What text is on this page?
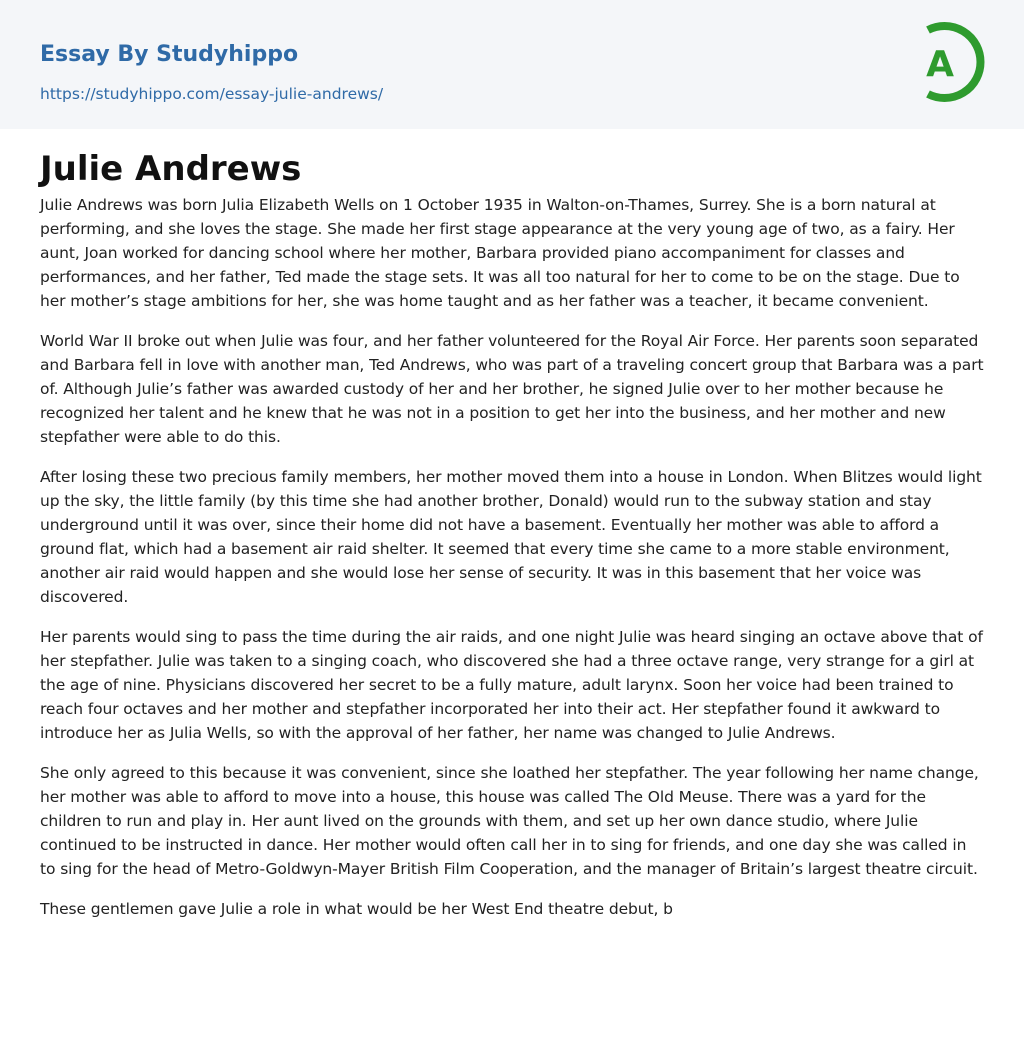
Essay By Studyhippo
https://studyhippo.com/essay-julie-andrews/
A
Julie Andrews

Julie Andrews was born Julia Elizabeth Wells on 1 October 1935 in Walton-on-Thames, Surrey. She is a born natural at performing, and she loves the stage. She made her first stage appearance at the very young age of two, as a fairy. Her aunt, Joan worked for dancing school where her mother, Barbara provided piano accompaniment for classes and performances, and her father, Ted made the stage sets. It was all too natural for her to come to be on the stage. Due to her mother’s stage ambitions for her, she was home taught and as her father was a teacher, it became convenient.

World War II broke out when Julie was four, and her father volunteered for the Royal Air Force. Her parents soon separated and Barbara fell in love with another man, Ted Andrews, who was part of a traveling concert group that Barbara was a part of. Although Julie’s father was awarded custody of her and her brother, he signed Julie over to her mother because he recognized her talent and he knew that he was not in a position to get her into the business, and her mother and new stepfather were able to do this.

After losing these two precious family members, her mother moved them into a house in London. When Blitzes would light up the sky, the little family (by this time she had another brother, Donald) would run to the subway station and stay underground until it was over, since their home did not have a basement. Eventually her mother was able to afford a ground flat, which had a basement air raid shelter. It seemed that every time she came to a more stable environment, another air raid would happen and she would lose her sense of security. It was in this basement that her voice was discovered.

Her parents would sing to pass the time during the air raids, and one night Julie was heard singing an octave above that of her stepfather. Julie was taken to a singing coach, who discovered she had a three octave range, very strange for a girl at the age of nine. Physicians discovered her secret to be a fully mature, adult larynx. Soon her voice had been trained to reach four octaves and her mother and stepfather incorporated her into their act. Her stepfather found it awkward to introduce her as Julia Wells, so with the approval of her father, her name was changed to Julie Andrews.

She only agreed to this because it was convenient, since she loathed her stepfather. The year following her name change, her mother was able to afford to move into a house, this house was called The Old Meuse. There was a yard for the children to run and play in. Her aunt lived on the grounds with them, and set up her own dance studio, where Julie continued to be instructed in dance. Her mother would often call her in to sing for friends, and one day she was called in to sing for the head of Metro-Goldwyn-Mayer British Film Cooperation, and the manager of Britain’s largest theatre circuit.

These gentlemen gave Julie a role in what would be her West End theatre debut, b
